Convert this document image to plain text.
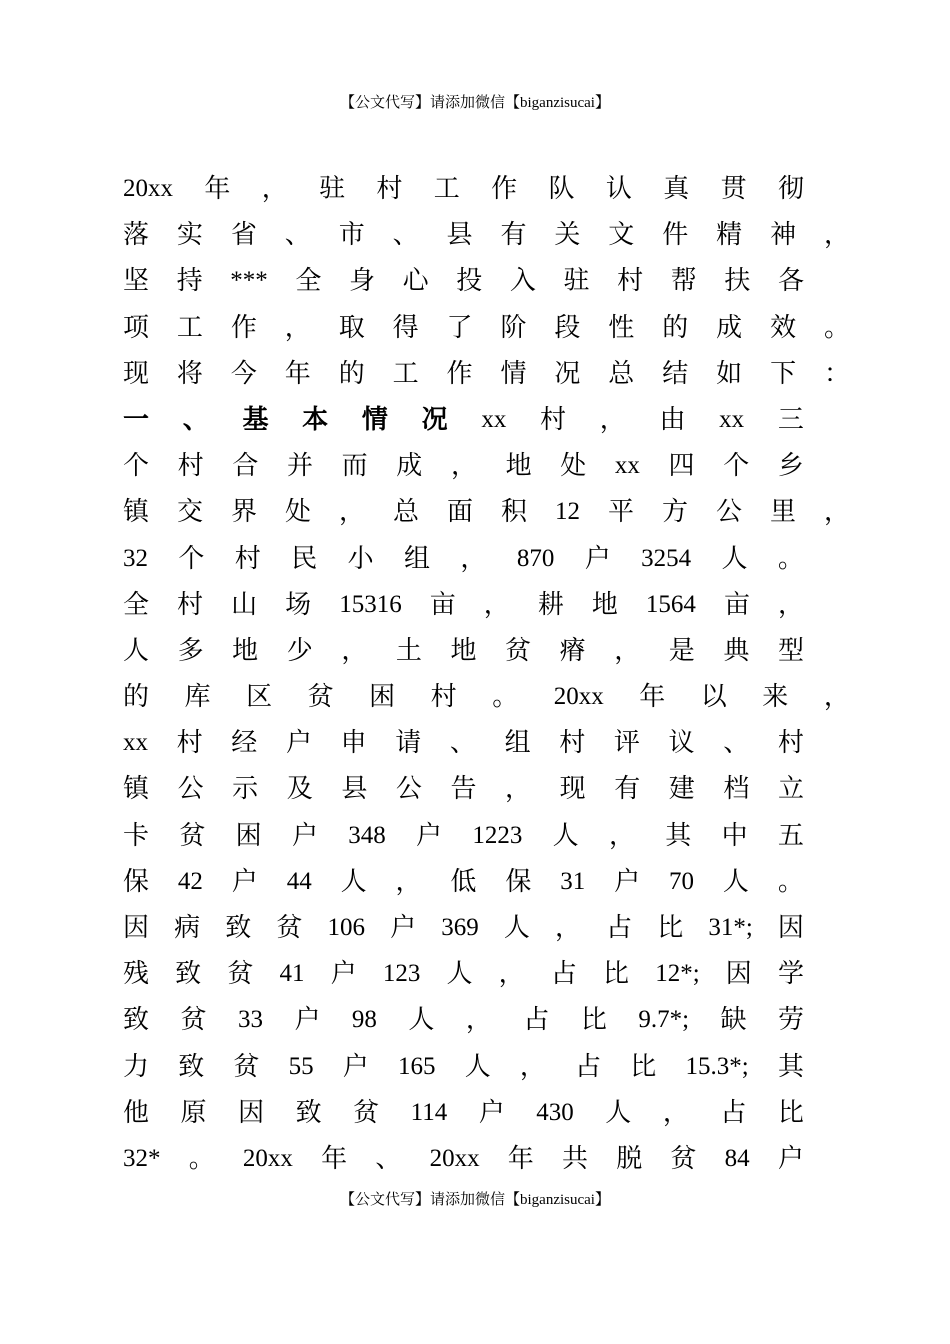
【公文代写】请添加微信【biganzisucai】
20xx 年 ， 驻 村 工 作 队 认 真 贯 彻
落 实 省 、 市 、 县 有 关 文 件 精 神 ，
坚 持 *** 全 身 心 投 入 驻 村 帮 扶 各
项 工 作 ， 取 得 了 阶 段 性 的 成 效 。
现 将 今 年 的 工 作 情 况 总 结 如 下 ：
一 、 基 本 情 况 xx 村 ， 由 xx 三
个 村 合 并 而 成 ， 地 处 xx 四 个 乡
镇 交 界 处 ， 总 面 积 12 平 方 公 里 ，
32 个 村 民 小 组 ， 870 户 3254 人 。
全 村 山 场 15316 亩 ， 耕 地 1564 亩 ，
人 多 地 少 ， 土 地 贫 瘠 ， 是 典 型
的 库 区 贫 困 村 。 20xx 年 以 来 ，
xx 村 经 户 申 请 、 组 村 评 议 、 村
镇 公 示 及 县 公 告 ， 现 有 建 档 立
卡 贫 困 户 348 户 1223 人 ， 其 中 五
保 42 户 44 人 ， 低 保 31 户 70 人 。
因 病 致 贫 106 户 369 人 ， 占 比 31*; 因
残 致 贫 41 户 123 人 ， 占 比 12*; 因 学
致 贫 33 户 98 人 ， 占 比 9.7*; 缺 劳
力 致 贫 55 户 165 人 ， 占 比 15.3*; 其
他 原 因 致 贫 114 户 430 人 ， 占 比
32* 。 20xx 年 、 20xx 年 共 脱 贫 84 户
【公文代写】请添加微信【biganzisucai】
